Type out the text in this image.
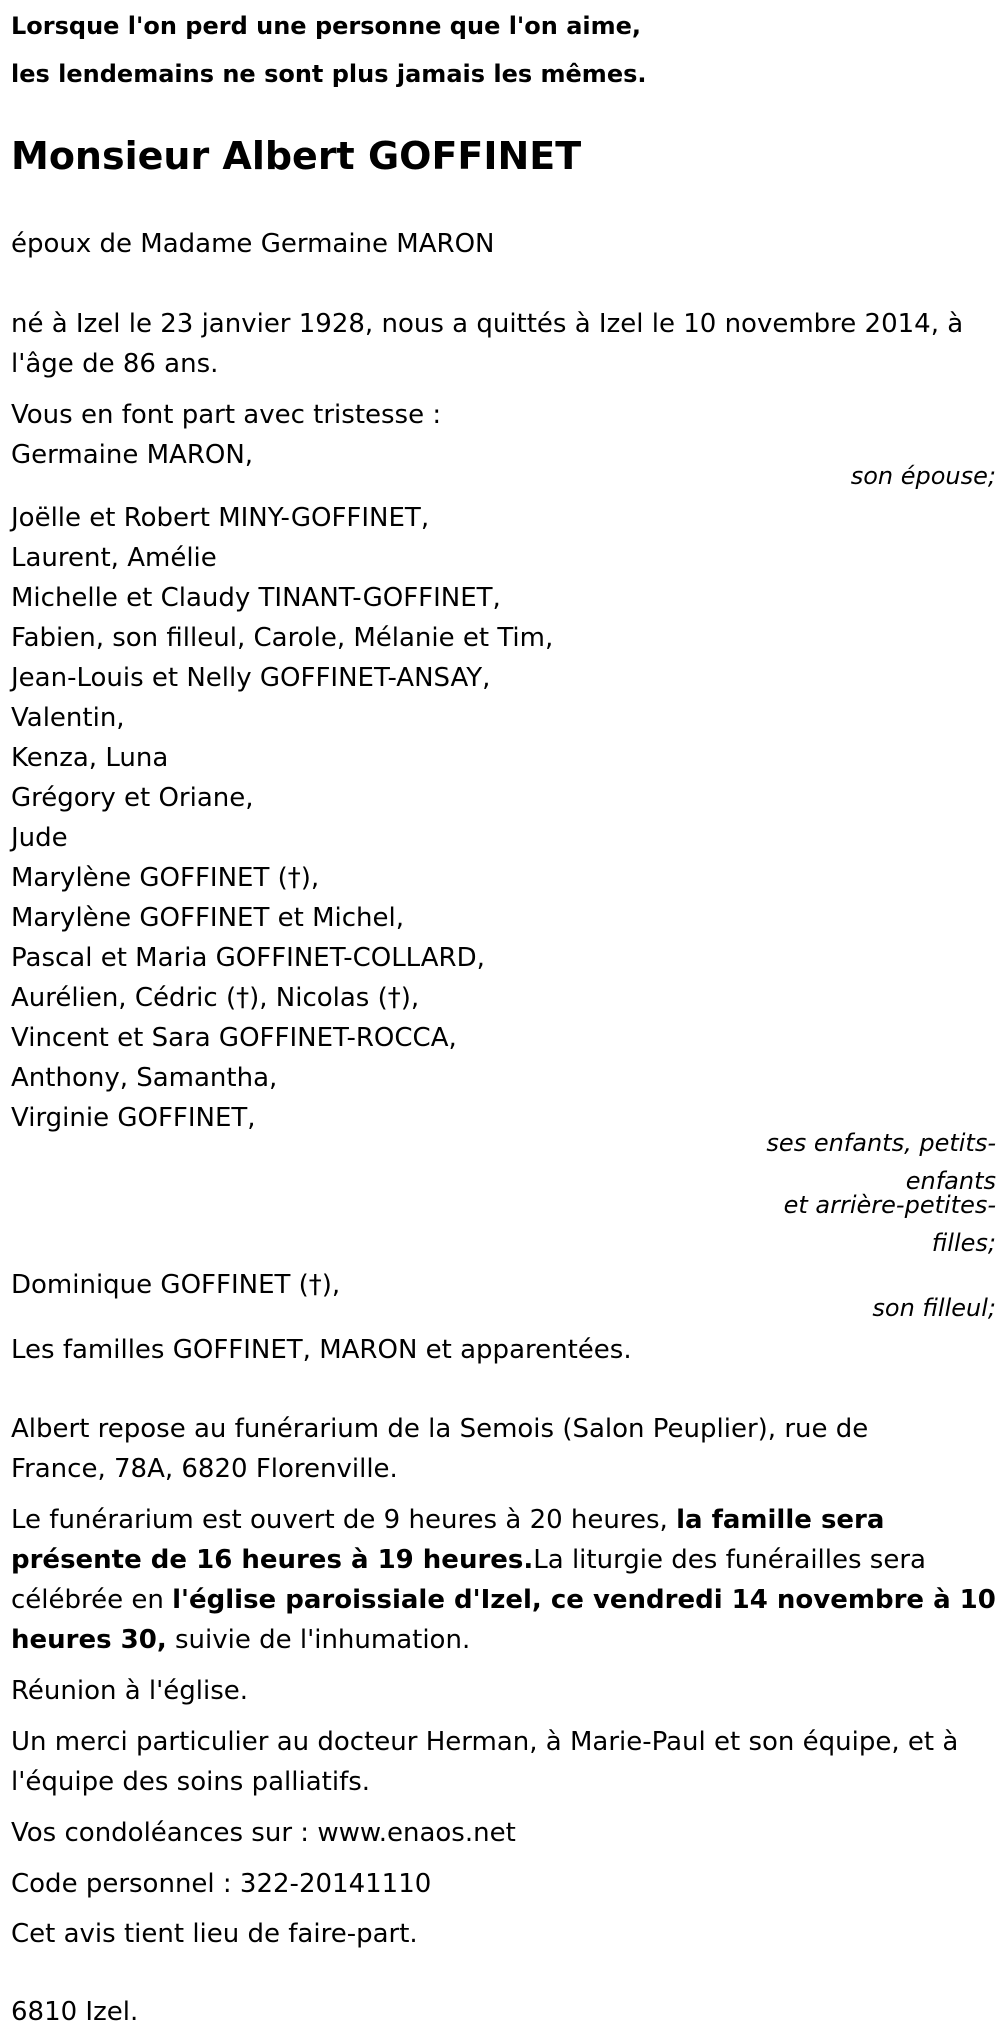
Lorsque l'on perd une personne que l'on aime,
les lendemains ne sont plus jamais les mêmes.
Monsieur Albert GOFFINET
époux de Madame Germaine MARON
né à Izel le 23 janvier 1928, nous a quittés à Izel le 10 novembre 2014, à
l'âge de 86 ans.
Vous en font part avec tristesse :
Germaine MARON,
son épouse;
Joëlle et Robert MINY-GOFFINET,
Laurent, Amélie
Michelle et Claudy TINANT-GOFFINET,
Fabien, son filleul, Carole, Mélanie et Tim,
Jean-Louis et Nelly GOFFINET-ANSAY,
Valentin,
Kenza, Luna
Grégory et Oriane,
Jude
Marylène GOFFINET (†),
Marylène GOFFINET et Michel,
Pascal et Maria GOFFINET-COLLARD,
Aurélien, Cédric (†), Nicolas (†),
Vincent et Sara GOFFINET-ROCCA,
Anthony, Samantha,
Virginie GOFFINET,
ses enfants, petits-
enfants
et arrière-petites-
filles;
Dominique GOFFINET (†),
son filleul;
Les familles GOFFINET, MARON et apparentées.
Albert repose au funérarium de la Semois (Salon Peuplier), rue de
France, 78A, 6820 Florenville.
Le funérarium est ouvert de 9 heures à 20 heures, la famille sera
présente de 16 heures à 19 heures.La liturgie des funérailles sera
célébrée en l'église paroissiale d'Izel, ce vendredi 14 novembre à 10
heures 30, suivie de l'inhumation.
Réunion à l'église.
Un merci particulier au docteur Herman, à Marie-Paul et son équipe, et à
l'équipe des soins palliatifs.
Vos condoléances sur : www.enaos.net
Code personnel : 322-20141110
Cet avis tient lieu de faire-part.
6810 Izel.
